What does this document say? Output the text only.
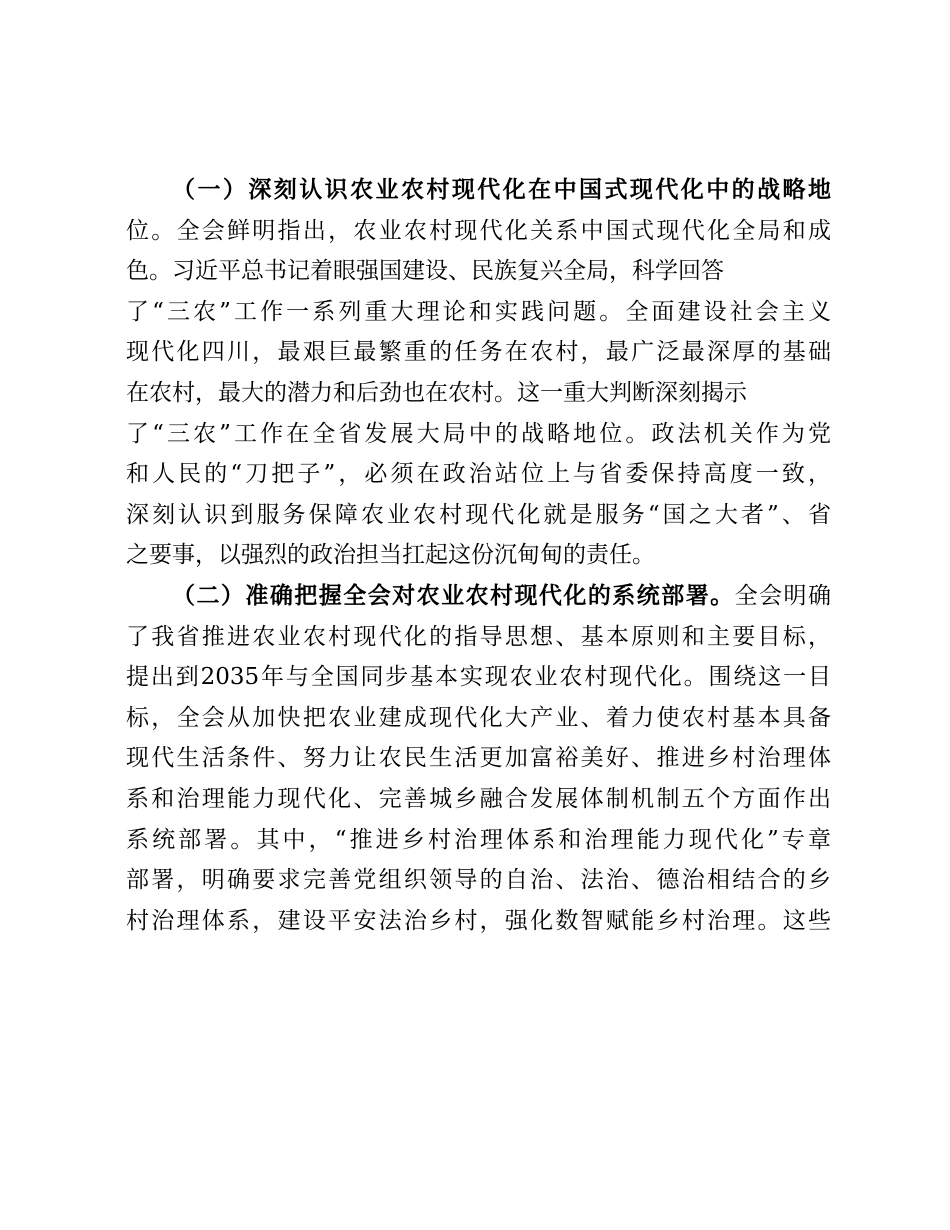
（一）深刻认识农业农村现代化在中国式现代化中的战略地
位。全会鲜明指出，农业农村现代化关系中国式现代化全局和成
色。习近平总书记着眼强国建设、民族复兴全局，科学回答
了“三农”工作一系列重大理论和实践问题。全面建设社会主义
现代化四川，最艰巨最繁重的任务在农村，最广泛最深厚的基础
在农村，最大的潜力和后劲也在农村。这一重大判断深刻揭示
了“三农”工作在全省发展大局中的战略地位。政法机关作为党
和人民的“刀把子”，必须在政治站位上与省委保持高度一致，
深刻认识到服务保障农业农村现代化就是服务“国之大者”、省
之要事，以强烈的政治担当扛起这份沉甸甸的责任。
（二）准确把握全会对农业农村现代化的系统部署。全会明确
了我省推进农业农村现代化的指导思想、基本原则和主要目标，
提出到2035年与全国同步基本实现农业农村现代化。围绕这一目
标，全会从加快把农业建成现代化大产业、着力使农村基本具备
现代生活条件、努力让农民生活更加富裕美好、推进乡村治理体
系和治理能力现代化、完善城乡融合发展体制机制五个方面作出
系统部署。其中，“推进乡村治理体系和治理能力现代化”专章
部署，明确要求完善党组织领导的自治、法治、德治相结合的乡
村治理体系，建设平安法治乡村，强化数智赋能乡村治理。这些
